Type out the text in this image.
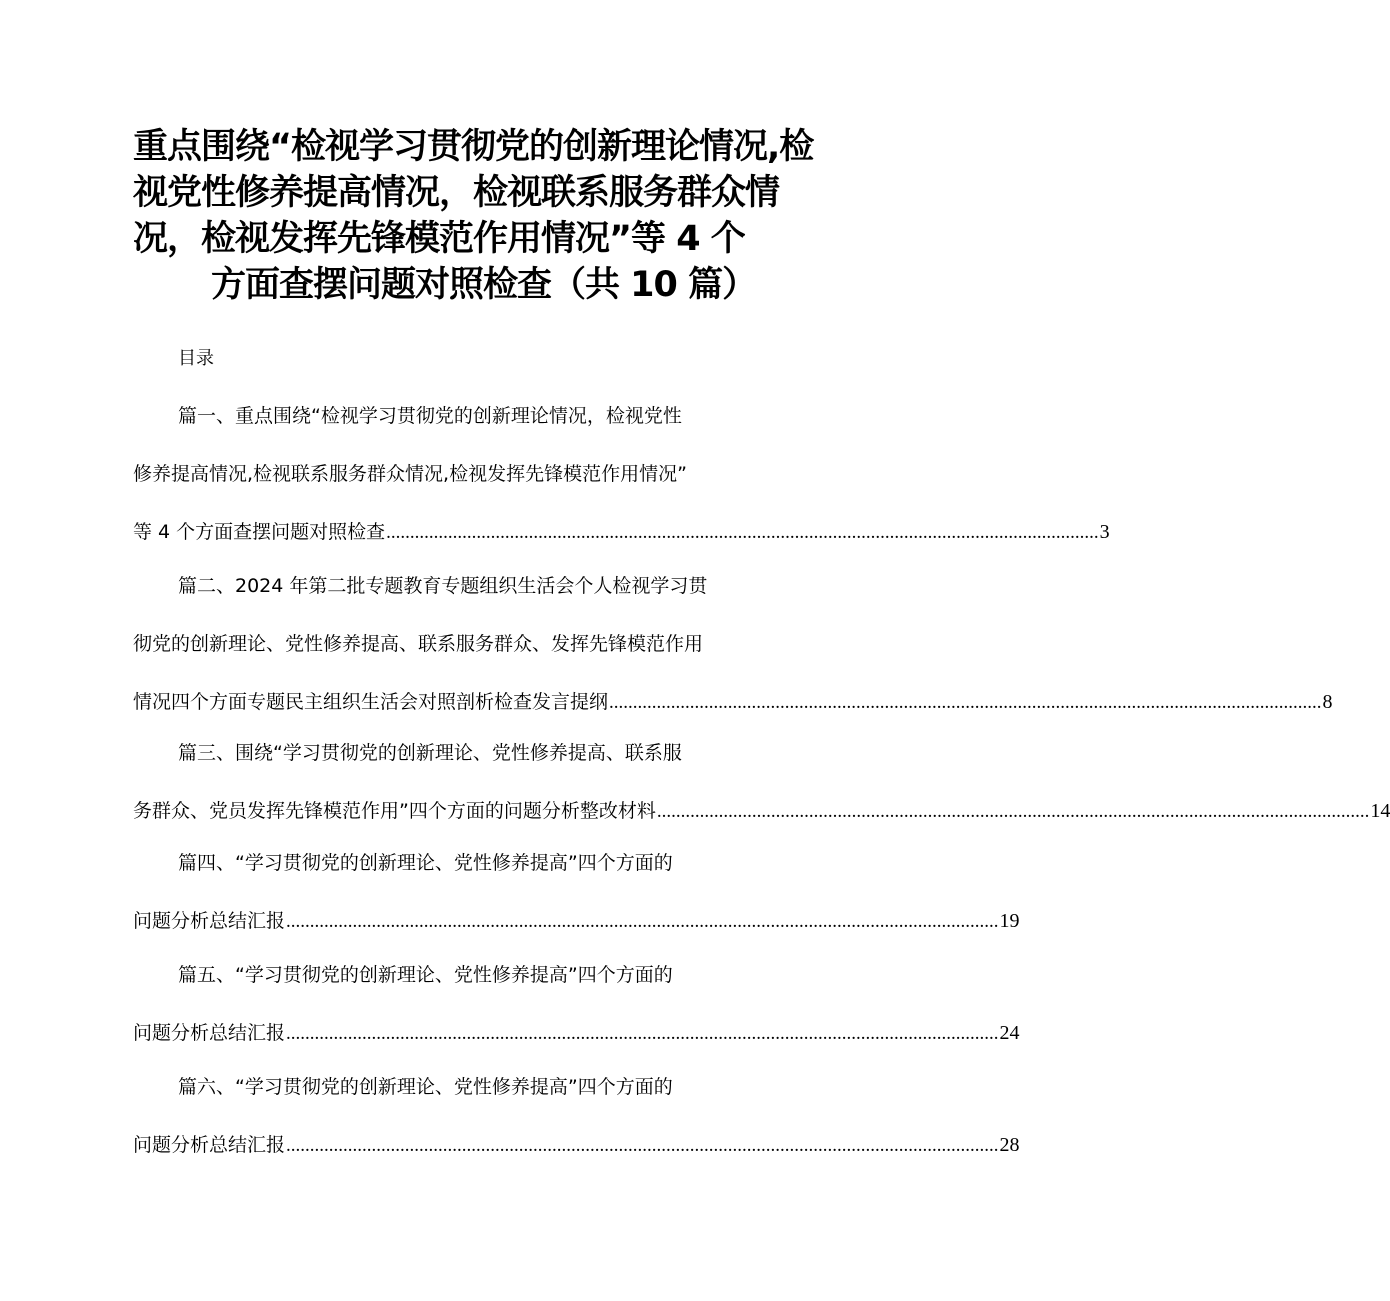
重点围绕“检视学习贯彻党的创新理论情况,检
视党性修养提高情况，检视联系服务群众情
况，检视发挥先锋模范作用情况”等 4 个
方面查摆问题对照检查（共 10 篇）
目录
篇一、重点围绕“检视学习贯彻党的创新理论情况，检视党性
修养提高情况,检视联系服务群众情况,检视发挥先锋模范作用情况”
等 4 个方面查摆问题对照检查 ...................................................................................................................................................... 3
篇二、2024 年第二批专题教育专题组织生活会个人检视学习贯
彻党的创新理论、党性修养提高、联系服务群众、发挥先锋模范作用
情况四个方面专题民主组织生活会对照剖析检查发言提纲 ...................................................................................................................................................... 8
篇三、围绕“学习贯彻党的创新理论、党性修养提高、联系服
务群众、党员发挥先锋模范作用”四个方面的问题分析整改材料 ...................................................................................................................................................... 14
篇四、“学习贯彻党的创新理论、党性修养提高”四个方面的
问题分析总结汇报 ...................................................................................................................................................... 19
篇五、“学习贯彻党的创新理论、党性修养提高”四个方面的
问题分析总结汇报 ...................................................................................................................................................... 24
篇六、“学习贯彻党的创新理论、党性修养提高”四个方面的
问题分析总结汇报 ...................................................................................................................................................... 28
